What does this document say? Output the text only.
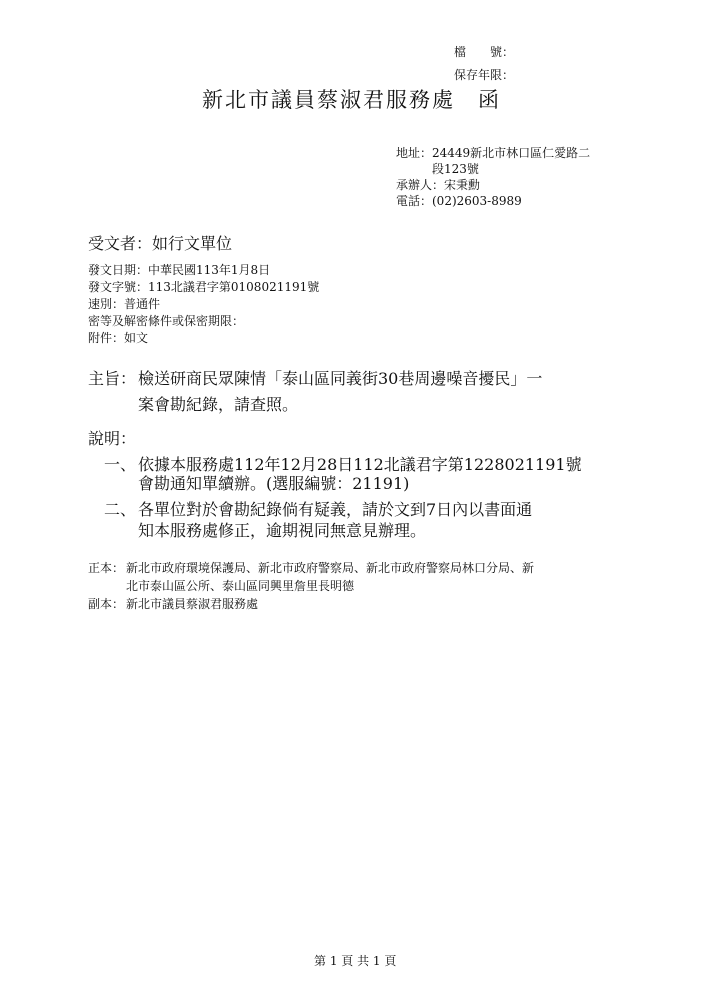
檔　　號：
保存年限：
新北市議員蔡淑君服務處　函
地址：24449新北市林口區仁愛路二
段123號
承辦人：宋秉勳
電話：(02)2603-8989
受文者：如行文單位
發文日期：中華民國113年1月8日
發文字號：113北議君字第0108021191號
速別：普通件
密等及解密條件或保密期限：
附件：如文
主旨： 檢送研商民眾陳情「泰山區同義街30巷周邊噪音擾民」一
案會勘紀錄，請查照。
說明：
一、 依據本服務處112年12月28日112北議君字第1228021191號
會勘通知單續辦。(選服編號：21191)
二、 各單位對於會勘紀錄倘有疑義，請於文到7日內以書面通
知本服務處修正，逾期視同無意見辦理。
正本： 新北市政府環境保護局、新北市政府警察局、新北市政府警察局林口分局、新
北市泰山區公所、泰山區同興里詹里長明德
副本： 新北市議員蔡淑君服務處
第 1 頁 共 1 頁
